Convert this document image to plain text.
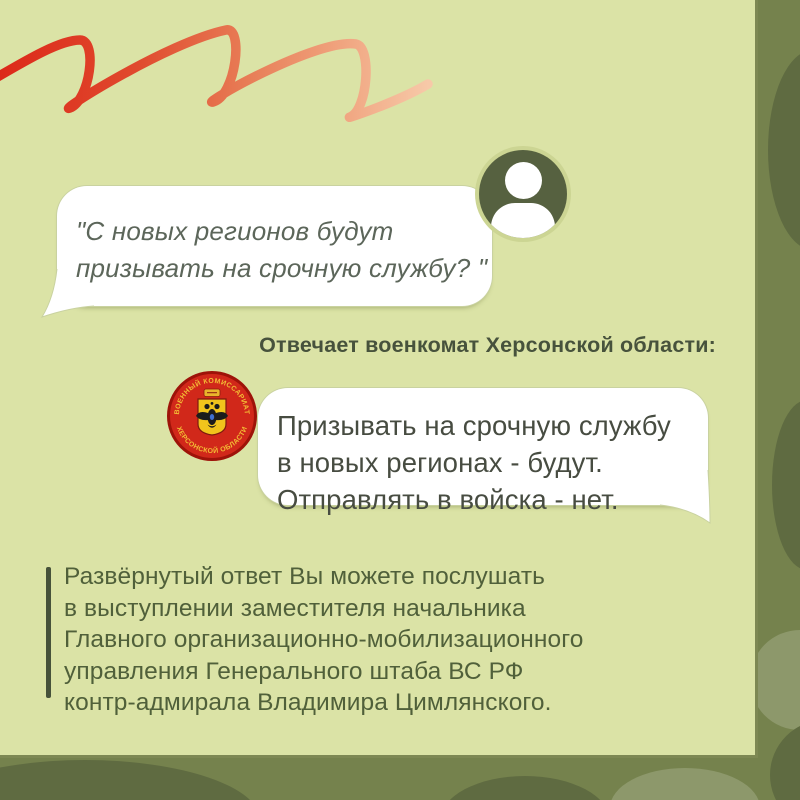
"С новых регионов будут
призывать на срочную службу? "
Отвечает военкомат Херсонской области:
ВОЕННЫЙ КОМИССАРИАТ
ХЕРСОНСКОЙ ОБЛАСТИ Призывать на срочную службу
в новых регионах - будут.
Отправлять в войска - нет.
Развёрнутый ответ Вы можете послушать
в выступлении заместителя начальника
Главного организационно-мобилизационного
управления Генерального штаба ВС РФ
контр-адмирала Владимира Цимлянского.
